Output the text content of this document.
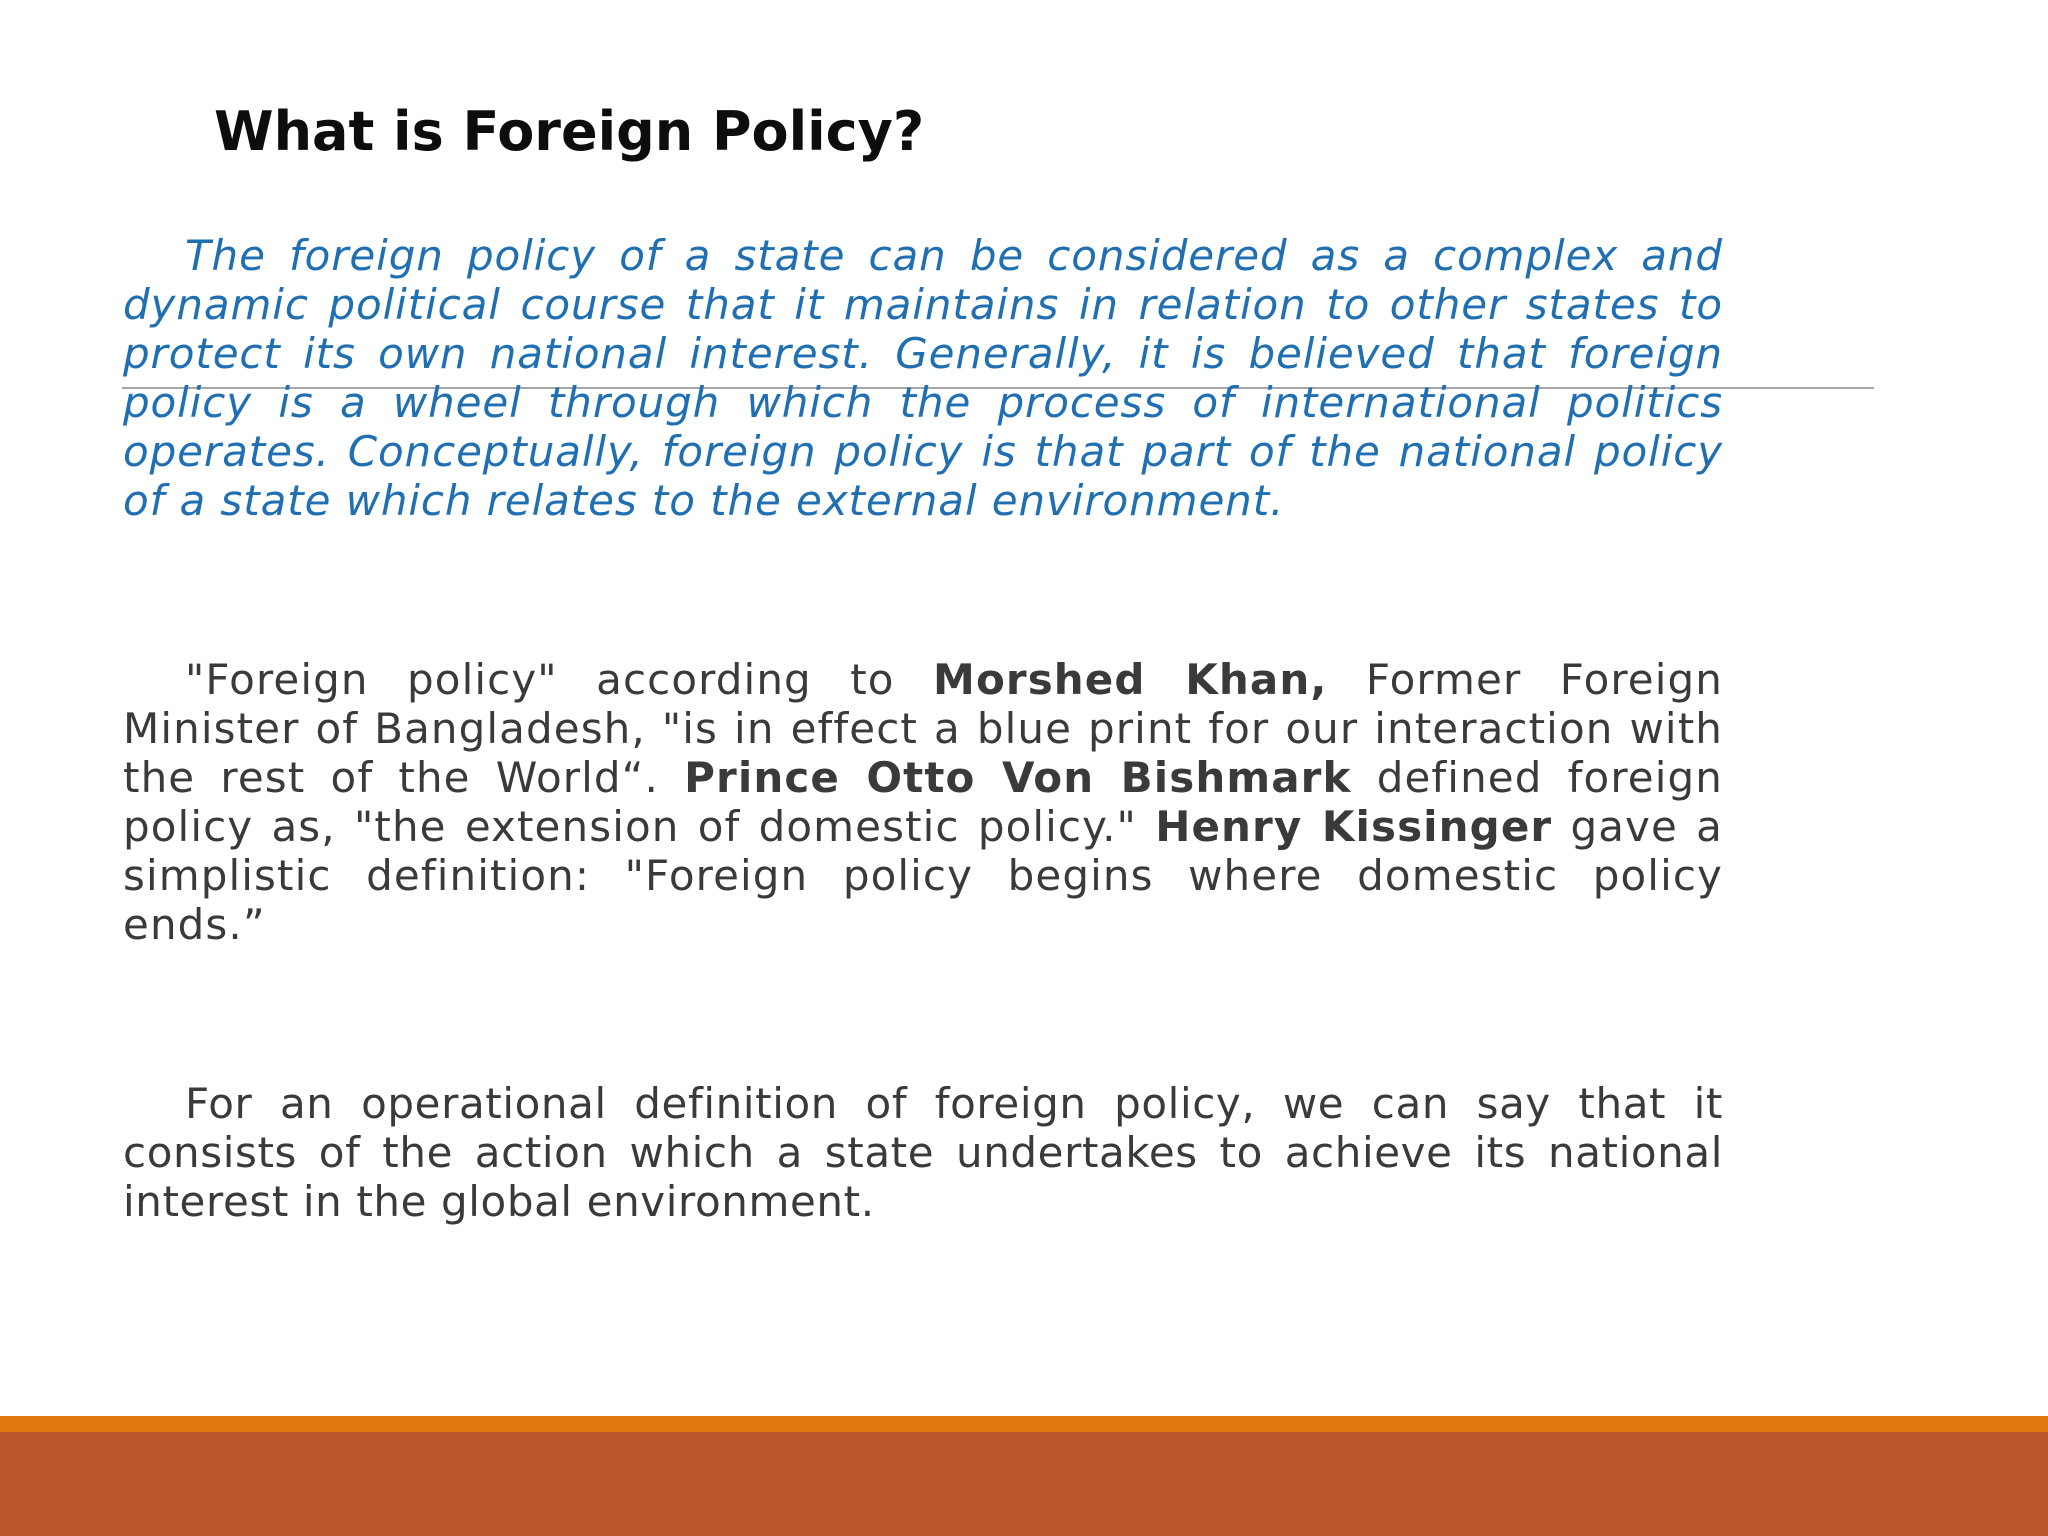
What is Foreign Policy?

The foreign policy of a state can be considered as a complex and dynamic political course that it maintains in relation to other states to protect its own national interest. Generally, it is believed that foreign policy is a wheel through which the process of international politics operates. Conceptually, foreign policy is that part of the national policy of a state which relates to the external environment.

"Foreign policy" according to Morshed Khan, Former Foreign Minister of Bangladesh, "is in effect a blue print for our interaction with the rest of the World“. Prince Otto Von Bishmark defined foreign policy as, "the extension of domestic policy." Henry Kissinger gave a simplistic definition: "Foreign policy begins where domestic policy ends.”

For an operational definition of foreign policy, we can say that it consists of the action which a state undertakes to achieve its national interest in the global environment.
